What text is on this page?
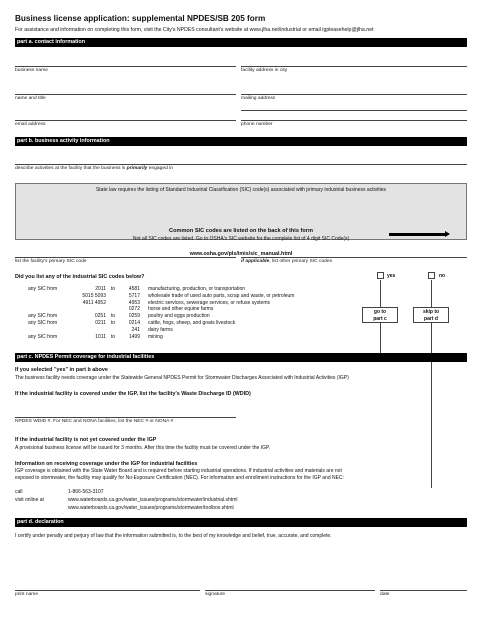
Business license application: supplemental NPDES/SB 205 form
For assistance and information on completing this form, visit the City's NPDES consultant's website at www.jlha.net/industrial or email igpleasehelp@jlha.net
part a. contact information
business name	facility address in city
name and title	mailing address
email address	phone number
part b. business activity information
describe activities at the facility that the business is primarily engaged in
State law requires the listing of Standard Industrial Classification (SIC) code(s) associated with primary industrial business activities
Common SIC codes are listed on the back of this form
Not all SIC codes are listed. Go to OSHA's SIC website for the complete list of 4 digit SIC Code(s)
www.osha.gov/pls/imis/sic_manual.html
list the facility's primary SIC code	if applicable, list other primary SIC codes
Did you list any of the industrial SIC codes below?	yes	no
go to
part c
skip to
part d
any SIC from	2011	to	4581	manufacturing, production, or transportation
	5015 5093		5717	wholesale trade of used auto parts, scrap and waste, or petroleum
	4911 4952		4953	electric services, sewerage services, or refuse systems
			0272	horse and other equine farms
any SIC from	0251	to	0259	poultry and eggs production
any SIC from	0211	to	0214	cattle, hogs, sheep, and goats livestock
			241	dairy farms
any SIC from	1011	to	1499	mining
part c. NPDES Permit coverage for industrial facilities
If you selected "yes" in part b above
The business facility needs coverage under the Statewide General NPDES Permit for Stormwater Discharges Associated with Industrial Activities (IGP)
If the industrial facility is covered under the IGP, list the facility's Waste Discharge ID (WDID)
NPDES WDID #. For NEC and NONA facilities, list the NEC # or NONA #
If the industrial facility is not yet covered under the IGP
A provisional business license will be issued for 3 months. After this time the facility must be covered under the IGP.
Information on receiving coverage under the IGP for industrial facilities
IGP coverage is obtained with the State Water Board and is required before starting industrial operations. If industrial activities and materials are not
exposed to stormwater, the facility may qualify for No-Exposure Certification (NEC). For information and enrollment instructions for the IGP and NEC:
call	1-866-563-3107
visit online at	www.waterboards.ca.gov/water_issues/programs/stormwater/industrial.shtml
www.waterboards.ca.gov/water_issues/programs/stormwater/toolbox.shtml
part d. declaration
I certify under penalty and perjury of law that the information submitted is, to the best of my knowledge and belief, true, accurate, and complete.
print name	signature	date
